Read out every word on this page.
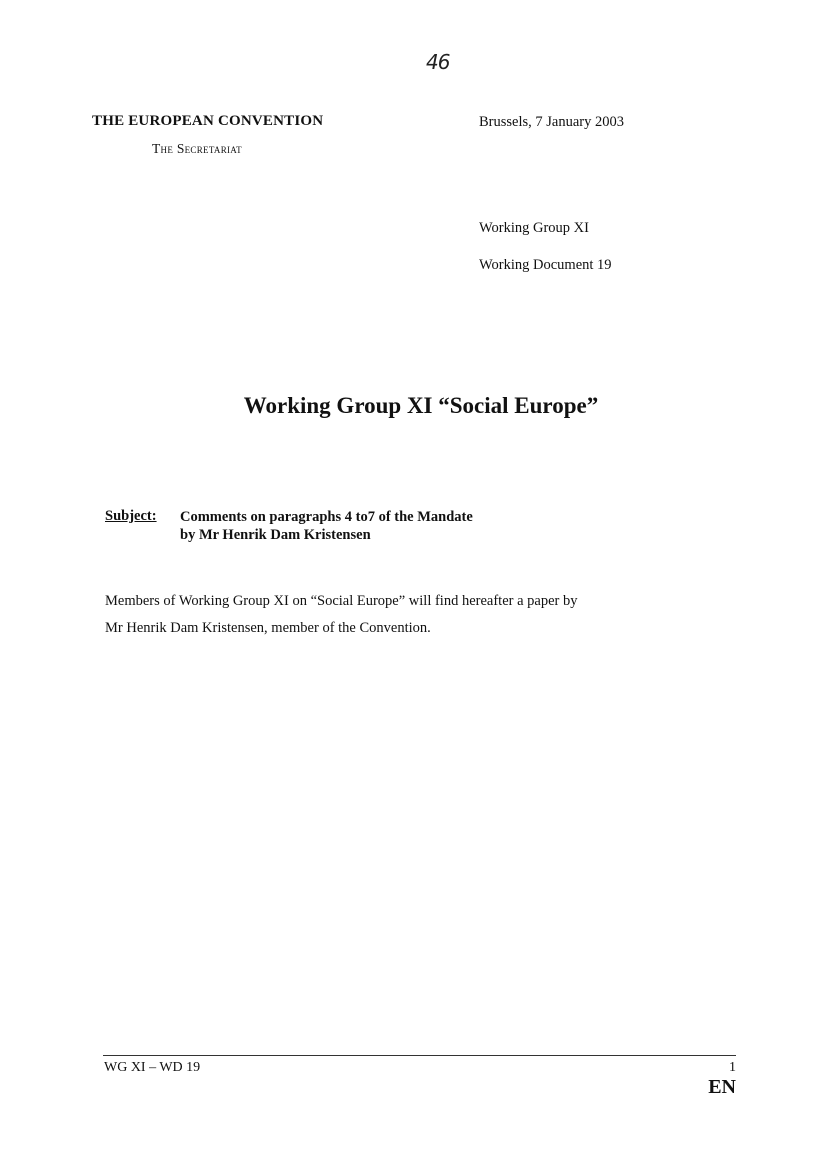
46
THE EUROPEAN CONVENTION
The Secretariat
Brussels, 7 January 2003
Working Group XI
Working Document 19
Working Group XI “Social Europe”
Subject: Comments on paragraphs 4 to7 of the Mandate
by Mr Henrik Dam Kristensen
Members of Working Group XI on “Social Europe” will find hereafter a paper by
Mr Henrik Dam Kristensen, member of the Convention.
WG XI – WD 19	1
EN
